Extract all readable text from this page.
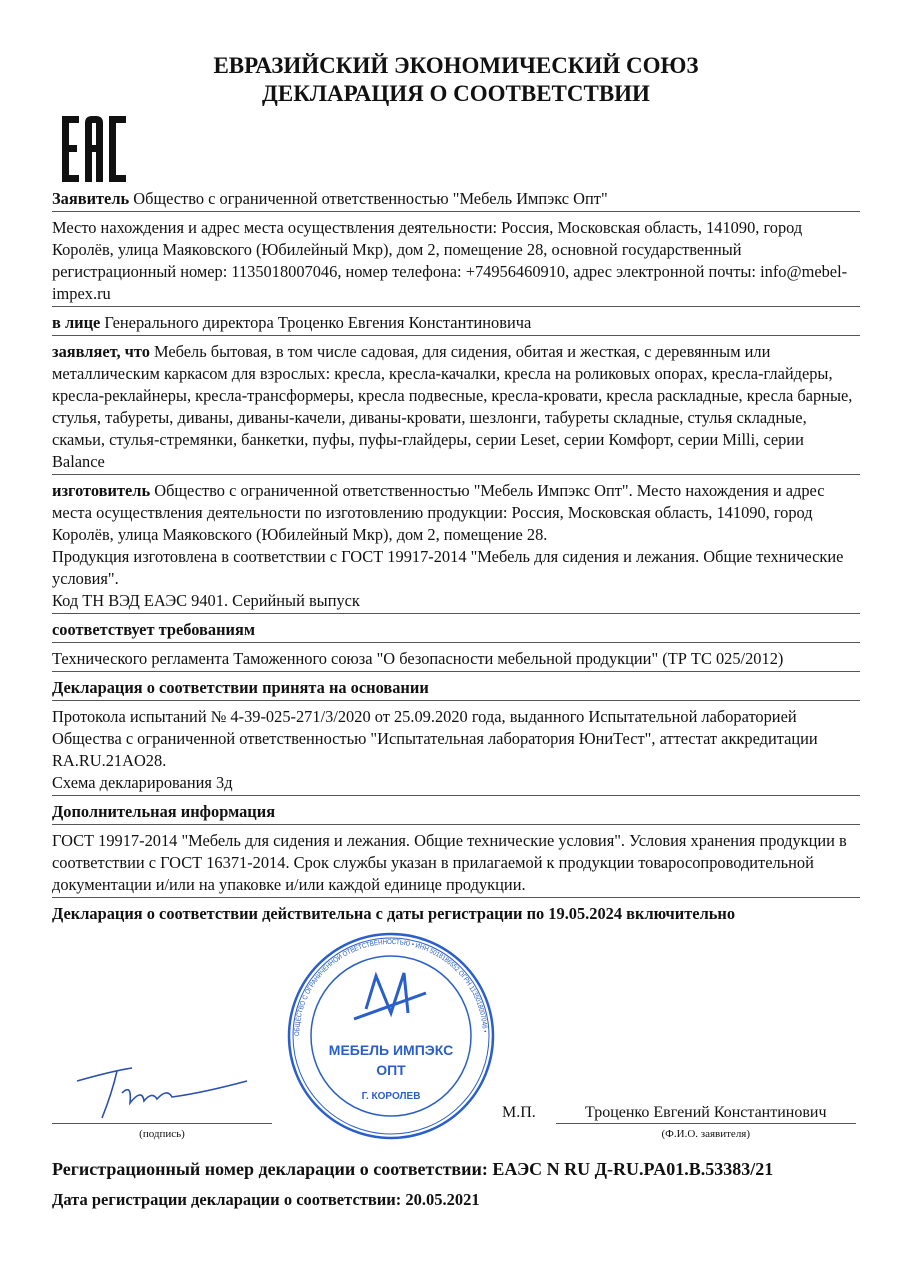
ЕВРАЗИЙСКИЙ ЭКОНОМИЧЕСКИЙ СОЮЗ
ДЕКЛАРАЦИЯ О СООТВЕТСТВИИ
Заявитель Общество с ограниченной ответственностью "Мебель Импэкс Опт"
Место нахождения и адрес места осуществления деятельности: Россия, Московская область, 141090, город Королёв, улица Маяковского (Юбилейный Мкр), дом 2, помещение 28, основной государственный регистрационный номер: 1135018007046, номер телефона: +74956460910, адрес электронной почты: info@mebel-impex.ru
в лице Генерального директора Троценко Евгения Константиновича
заявляет, что Мебель бытовая, в том числе садовая, для сидения, обитая и жесткая, с деревянным или металлическим каркасом для взрослых: кресла, кресла-качалки, кресла на роликовых опорах, кресла-глайдеры, кресла-реклайнеры, кресла-трансформеры, кресла подвесные, кресла-кровати, кресла раскладные, кресла барные, стулья, табуреты, диваны, диваны-качели, диваны-кровати, шезлонги, табуреты складные, стулья складные, скамьи, стулья-стремянки, банкетки, пуфы, пуфы-глайдеры, серии Leset, серии Комфорт, серии Milli, серии Balance
изготовитель Общество с ограниченной ответственностью "Мебель Импэкс Опт". Место нахождения и адрес места осуществления деятельности по изготовлению продукции: Россия, Московская область, 141090, город Королёв, улица Маяковского (Юбилейный Мкр), дом 2, помещение 28.
Продукция изготовлена в соответствии с ГОСТ 19917-2014 "Мебель для сидения и лежания. Общие технические условия".
Код ТН ВЭД ЕАЭС 9401. Серийный выпуск
соответствует требованиям
Технического регламента Таможенного союза "О безопасности мебельной продукции" (ТР ТС 025/2012)
Декларация о соответствии принята на основании
Протокола испытаний № 4-39-025-271/3/2020 от 25.09.2020 года, выданного Испытательной лабораторией Общества с ограниченной ответственностью "Испытательная лаборатория ЮниТест", аттестат аккредитации RA.RU.21AO28.
Схема декларирования 3д
Дополнительная информация
ГОСТ 19917-2014 "Мебель для сидения и лежания. Общие технические условия". Условия хранения продукции в соответствии с ГОСТ 16371-2014. Срок службы указан в прилагаемой к продукции товаросопроводительной документации и/или на упаковке и/или каждой единице продукции.
Декларация о соответствии действительна с даты регистрации по 19.05.2024 включительно
(подпись)
ОБЩЕСТВО С ОГРАНИЧЕННОЙ ОТВЕТСТВЕННОСТЬЮ • ИНН 5018186552 ОГРН 1135018007046 •
МЕБЕЛЬ ИМПЭКС
ОПТ
Г. КОРОЛЕВ
М.П.	Троценко Евгений Константинович
(Ф.И.О. заявителя)
Регистрационный номер декларации о соответствии: ЕАЭС N RU Д-RU.PA01.B.53383/21
Дата регистрации декларации о соответствии: 20.05.2021
